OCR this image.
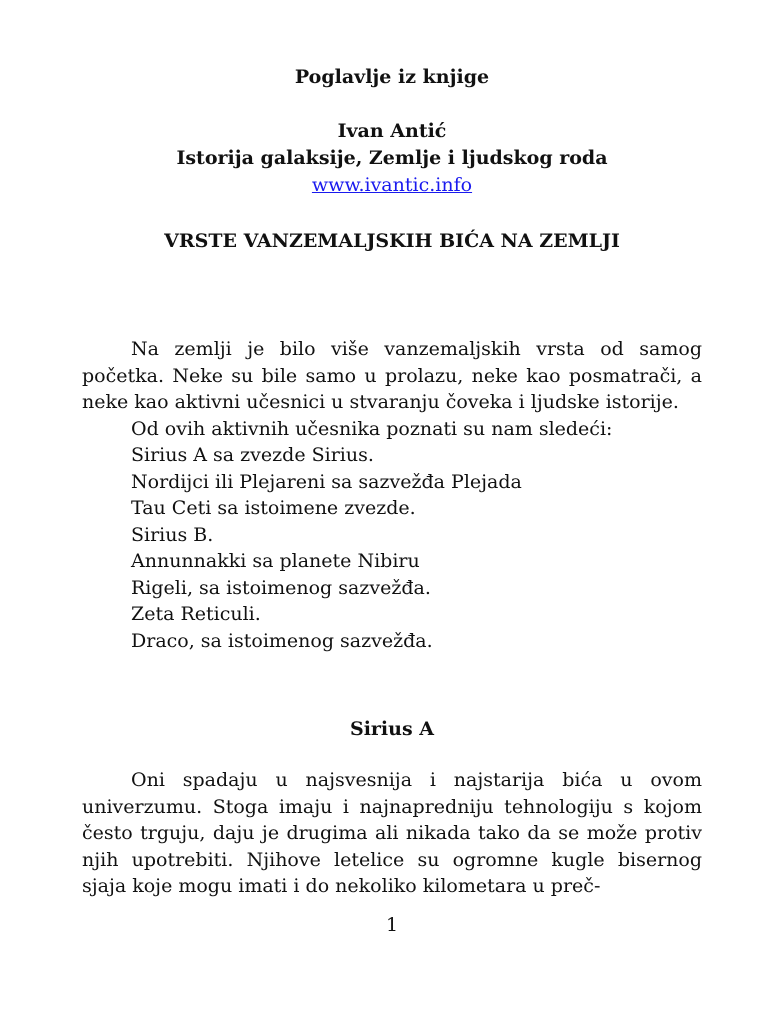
Poglavlje iz knjige

Ivan Antić

Istorija galaksije, Zemlje i ljudskog roda

www.ivantic.info

VRSTE VANZEMALJSKIH BIĆA NA ZEMLJI

Na zemlji je bilo više vanzemaljskih vrsta od samog početka. Neke su bile samo u prolazu, neke kao posmatrači, a neke kao aktivni učesnici u stvaranju čoveka i ljudske istorije.

Od ovih aktivnih učesnika poznati su nam sledeći:

Sirius A sa zvezde Sirius.

Nordijci ili Plejareni sa sazvežđa Plejada

Tau Ceti sa istoimene zvezde.

Sirius B.

Annunnakki sa planete Nibiru

Rigeli, sa istoimenog sazvežđa.

Zeta Reticuli.

Draco, sa istoimenog sazvežđa.

Sirius A

Oni spadaju u najsvesnija i najstarija bića u ovom univerzumu. Stoga imaju i najnapredniju tehnologiju s kojom često trguju, daju je drugima ali nikada tako da se može protiv njih upotrebiti. Njihove letelice su ogromne kugle bisernog sjaja koje mogu imati i do nekoliko kilometara u preč-

1
